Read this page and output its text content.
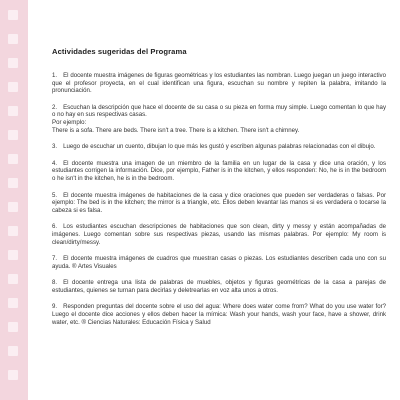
Actividades sugeridas del Programa
1. El docente muestra imágenes de figuras geométricas y los estudiantes las nombran. Luego juegan un juego interactivo que el profesor proyecta, en el cual identifican una figura, escuchan su nombre y repiten la palabra, imitando la pronunciación.
2. Escuchan la descripción que hace el docente de su casa o su pieza en forma muy simple. Luego comentan lo que hay o no hay en sus respectivas casas.
Por ejemplo:
There is a sofa. There are beds. There isn't a tree. There is a kitchen. There isn't a chimney.
3. Luego de escuchar un cuento, dibujan lo que más les gustó y escriben algunas palabras relacionadas con el dibujo.
4. El docente muestra una imagen de un miembro de la familia en un lugar de la casa y dice una oración, y los estudiantes corrigen la información. Dice, por ejemplo, Father is in the kitchen, y ellos responden: No, he is in the bedroom o he isn't in the kitchen, he is in the bedroom.
5. El docente muestra imágenes de habitaciones de la casa y dice oraciones que pueden ser verdaderas o falsas. Por ejemplo: The bed is in the kitchen; the mirror is a triangle, etc. Ellos deben levantar las manos si es verdadera o tocarse la cabeza si es falsa.
6. Los estudiantes escuchan descripciones de habitaciones que son clean, dirty y messy y están acompañadas de imágenes. Luego comentan sobre sus respectivas piezas, usando las mismas palabras. Por ejemplo: My room is clean/dirty/messy.
7. El docente muestra imágenes de cuadros que muestran casas o piezas. Los estudiantes describen cada uno con su ayuda. ® Artes Visuales
8. El docente entrega una lista de palabras de muebles, objetos y figuras geométricas de la casa a parejas de estudiantes, quienes se turnan para decirlas y deletrearlas en voz alta unos a otros.
9. Responden preguntas del docente sobre el uso del agua: Where does water come from? What do you use water for? Luego el docente dice acciones y ellos deben hacer la mímica: Wash your hands, wash your face, have a shower, drink water, etc. ® Ciencias Naturales: Educación Física y Salud
